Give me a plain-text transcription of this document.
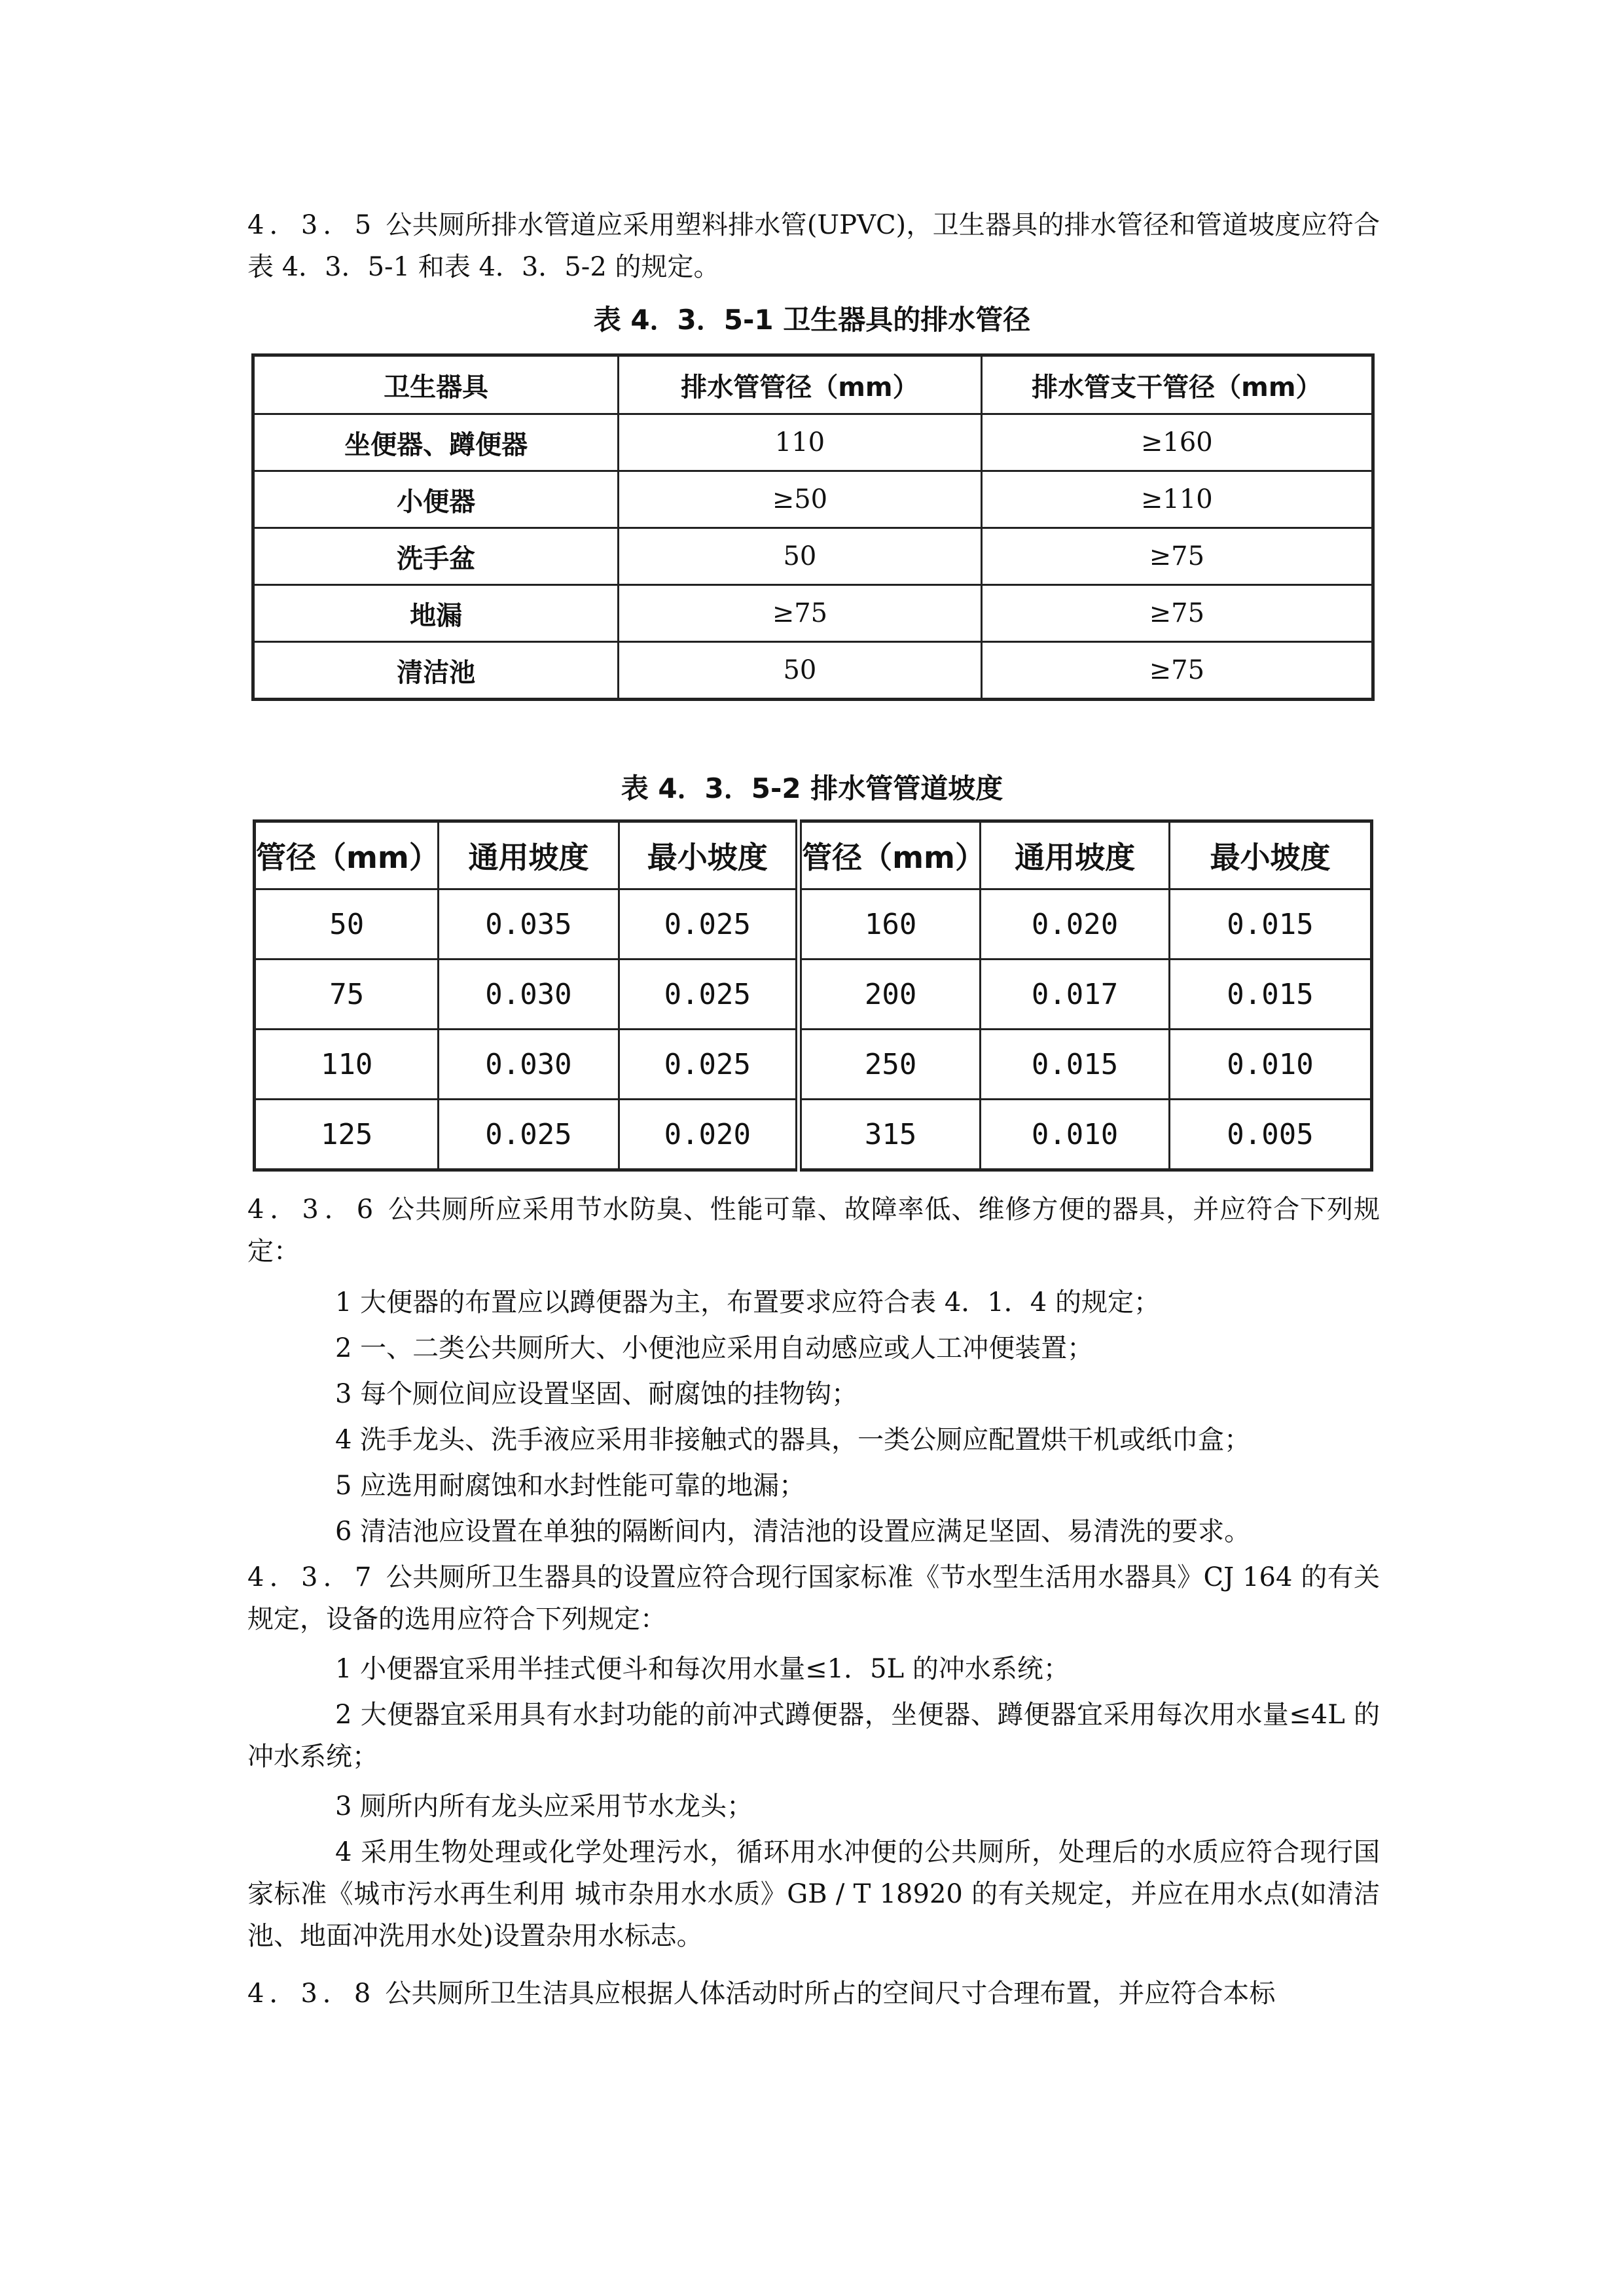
4．3．5 公共厕所排水管道应采用塑料排水管(UPVC)，卫生器具的排水管径和管道坡度应符合表 4．3．5-1 和表 4．3．5-2 的规定。
表 4．3．5-1 卫生器具的排水管径
卫生器具	排水管管径（mm）	排水管支干管径（mm）
坐便器、蹲便器	110	≥160
小便器	≥50	≥110
洗手盆	50	≥75
地漏	≥75	≥75
清洁池	50	≥75
表 4．3．5-2 排水管管道坡度
管径（mm）	通用坡度	最小坡度	管径（mm）	通用坡度	最小坡度
50	0.035	0.025	160	0.020	0.015
75	0.030	0.025	200	0.017	0.015
110	0.030	0.025	250	0.015	0.010
125	0.025	0.020	315	0.010	0.005
4．3．6 公共厕所应采用节水防臭、性能可靠、故障率低、维修方便的器具，并应符合下列规定：
1 大便器的布置应以蹲便器为主，布置要求应符合表 4．1．4 的规定；
2 一、二类公共厕所大、小便池应采用自动感应或人工冲便装置；
3 每个厕位间应设置坚固、耐腐蚀的挂物钩；
4 洗手龙头、洗手液应采用非接触式的器具，一类公厕应配置烘干机或纸巾盒；
5 应选用耐腐蚀和水封性能可靠的地漏；
6 清洁池应设置在单独的隔断间内，清洁池的设置应满足坚固、易清洗的要求。
4．3．7 公共厕所卫生器具的设置应符合现行国家标准《节水型生活用水器具》CJ 164 的有关规定，设备的选用应符合下列规定：
1 小便器宜采用半挂式便斗和每次用水量≤1．5L 的冲水系统；
2 大便器宜采用具有水封功能的前冲式蹲便器，坐便器、蹲便器宜采用每次用水量≤4L 的冲水系统；
3 厕所内所有龙头应采用节水龙头；
4 采用生物处理或化学处理污水，循环用水冲便的公共厕所，处理后的水质应符合现行国家标准《城市污水再生利用 城市杂用水水质》GB / T 18920 的有关规定，并应在用水点(如清洁池、地面冲洗用水处)设置杂用水标志。
4．3．8 公共厕所卫生洁具应根据人体活动时所占的空间尺寸合理布置，并应符合本标
